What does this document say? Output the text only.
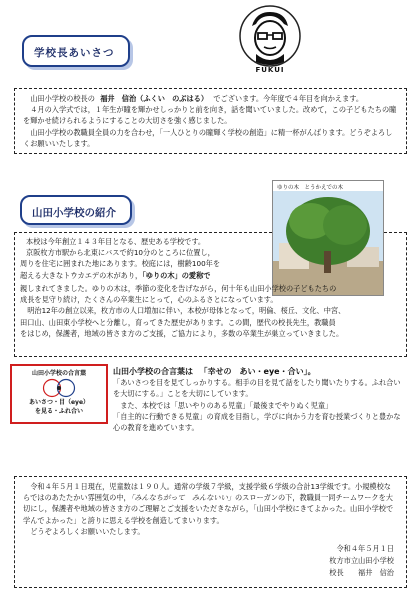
学校長あいさつ
FUKUI
　山田小学校の校長の 福井　信治（ふくい　のぶはる） でございます。今年度で４年目を向かえます。
　４月の入学式では，１年生が瞳を輝かせしっかりと前を向き，話を聞いていました。改めて，この子どもたちの瞳を輝かせ続けられるようにすることの大切さを強く感じました。
　山田小学校の教職員全員の力を合わせ，「一人ひとりの瞳輝く学校の創造」に精一杯がんばります。どうぞよろしくお願いいたします。
山田小学校の紹介
ゆりの木　とうかえでの木
本校は今年創立１４３年目となる、歴史ある学校です。
京阪枚方市駅から北東にバスで約10分のところに位置し，
周りを住宅に囲まれた地にあります。校庭には，樹齢100年を
超える大きなトウカエデの木があり，「ゆりの木」の愛称で
親しまれてきました。ゆりの木は，季節の変化を告げながら，何十年も山田小学校の子どもたちの
成長を見守り続け，たくさんの卒業生にとって，心のふるさとになっています。
　明治12年の創立以来，枚方市の人口増加に伴い，本校が母体となって，明倫、桜丘、文化、中宮、
田口山、山田東小学校へと分離し，育ってきた歴史があります。この間，歴代の校長先生，教職員
をはじめ，保護者，地域の皆さま方のご支援，ご協力により，多数の卒業生が巣立っていきました。
山田小学校の合言葉
あいさつ・目（eye）
を見る・ふれ合い
山田小学校の合言葉は 「幸せの　あい・eye・合い」。
「あいさつを目を見てしっかりする。相手の目を見て話をしたり聞いたりする。ふれ合いを大切にする。」ことを大切にしています。
　また、本校では「思いやりのある児童」「最後までやりぬく児童」
「自主的に行動できる児童」の育成を目指し，学びに向かう力を育む授業づくりと豊かな心の教育を進めています。
　令和４年５月１日現在，児童数は１９０人。通常の学級７学級，支援学級６学級の合計13学級です。小規模校ならではのあたたかい雰囲気の中，「みんなちがって　みんないい」のスローガンの下，教職員一同チームワークを大切にし，保護者や地域の皆さま方のご理解とご支援をいただきながら，「山田小学校にきてよかった。山田小学校で学んでよかった」と誇りに思える学校を創造してまいります。
　どうぞよろしくお願いいたします。
令和４年５月１日
枚方市立山田小学校
校長　　福井　信治
